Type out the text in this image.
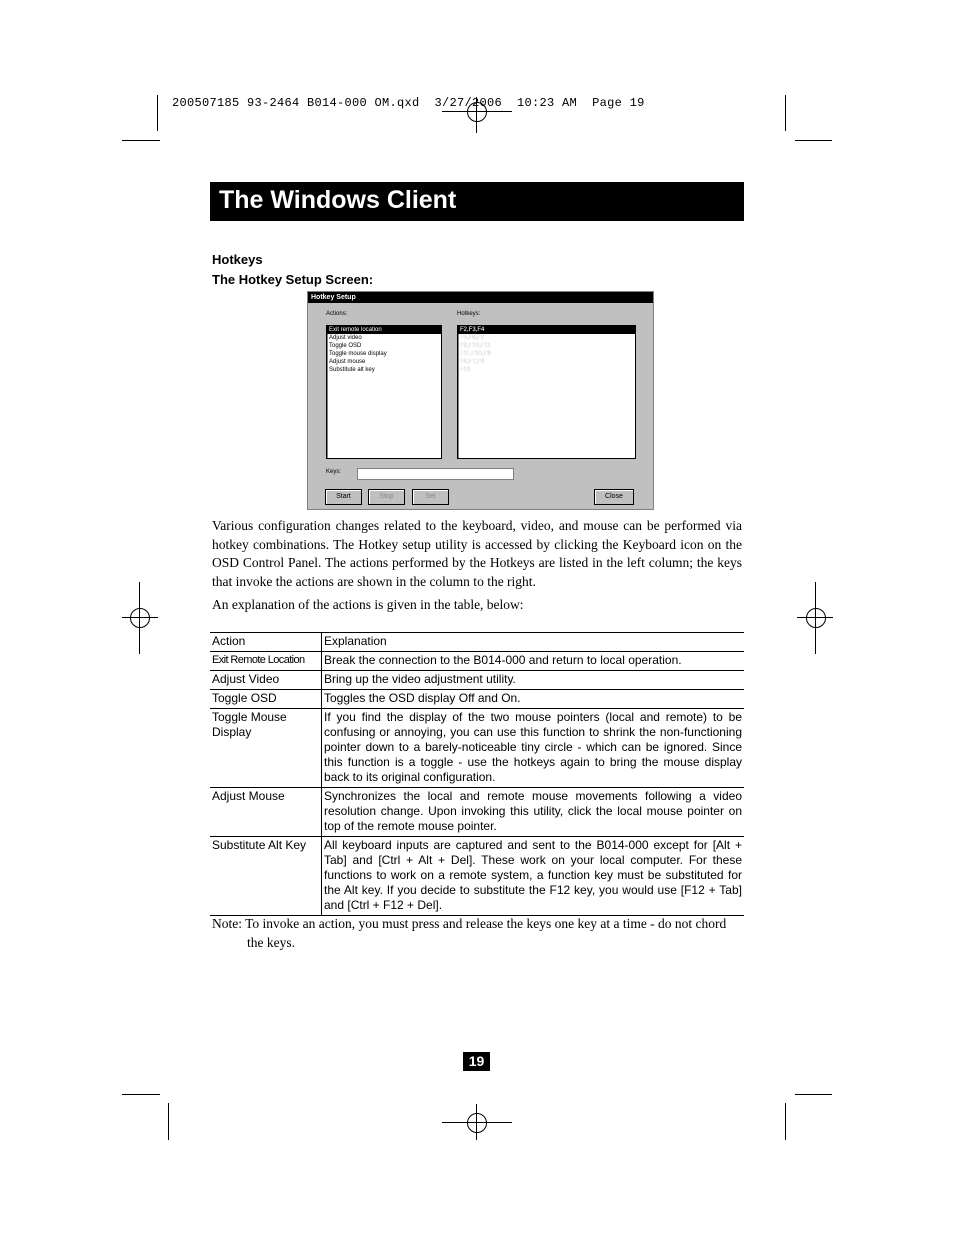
200507185 93-2464 B014-000 OM.qxd  3/27/2006  10:23 AM  Page 19
The Windows Client
Hotkeys
The Hotkey Setup Screen:
Hotkey Setup
Actions:	Hotkeys:
Exit remote location
Adjust video
Toggle OSD
Toggle mouse display
Adjust mouse
Substitute alt key
F2,F3,F4
F5,F6,F7
F9,F10,F11
F11,F10,F9
F8,F7,F6
F12
Keys:
Start	Stop	Set	Close
Various configuration changes related to the keyboard, video, and mouse can be performed via hotkey combinations. The Hotkey setup utility is accessed by clicking the Keyboard icon on the OSD Control Panel. The actions performed by the Hotkeys are listed in the left column; the keys that invoke the actions are shown in the column to the right.
An explanation of the actions is given in the table, below:
Action	Explanation
Exit Remote Location	Break the connection to the B014-000 and return to local operation.
Adjust Video	Bring up the video adjustment utility.
Toggle OSD	Toggles the OSD display Off and On.
Toggle Mouse Display	If you find the display of the two mouse pointers (local and remote) to be confusing or annoying, you can use this function to shrink the non-functioning pointer down to a barely-noticeable tiny circle - which can be ignored. Since this function is a toggle - use the hotkeys again to bring the mouse display back to its original configuration.
Adjust Mouse	Synchronizes the local and remote mouse movements following a video resolution change. Upon invoking this utility, click the local mouse pointer on top of the remote mouse pointer.
Substitute Alt Key	All keyboard inputs are captured and sent to the B014-000 except for [Alt + Tab] and [Ctrl + Alt + Del]. These work on your local computer. For these functions to work on a remote system, a function key must be substituted for the Alt key. If you decide to substitute the F12 key, you would use [F12 + Tab] and [Ctrl + F12 + Del].
Note: To invoke an action, you must press and release the keys one key at a time - do not chord
the keys.
19
